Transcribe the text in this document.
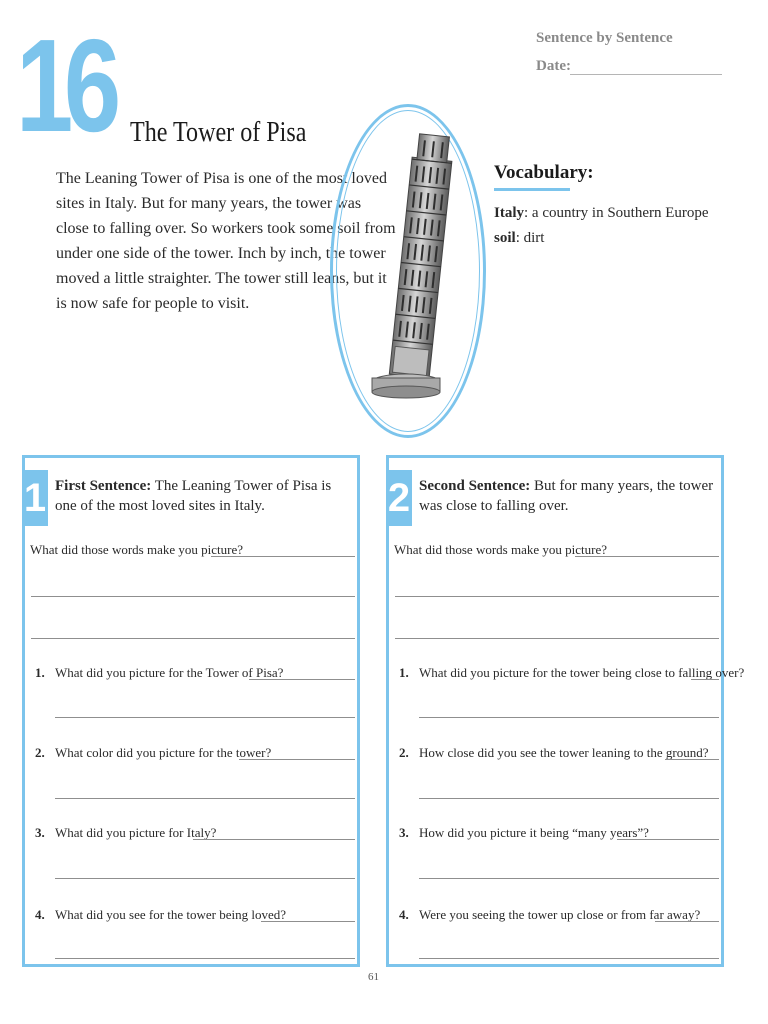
16 The Tower of Pisa
Sentence by Sentence
Date:
The Leaning Tower of Pisa is one of the most loved
sites in Italy. But for many years, the tower was
close to falling over. So workers took some soil from
under one side of the tower. Inch by inch, the tower
moved a little straighter. The tower still leans, but it
is now safe for people to visit.
Vocabulary:
Italy: a country in Southern Europe
soil: dirt
1 First Sentence: The Leaning Tower of Pisa is one of the most loved sites in Italy.
What did those words make you picture?
1. What did you picture for the Tower of Pisa?
2. What color did you picture for the tower?
3. What did you picture for Italy?
4. What did you see for the tower being loved?
2 Second Sentence: But for many years, the tower was close to falling over.
What did those words make you picture?
1. What did you picture for the tower being close to falling over?
2. How close did you see the tower leaning to the ground?
3. How did you picture it being “many years”?
4. Were you seeing the tower up close or from far away?
61
